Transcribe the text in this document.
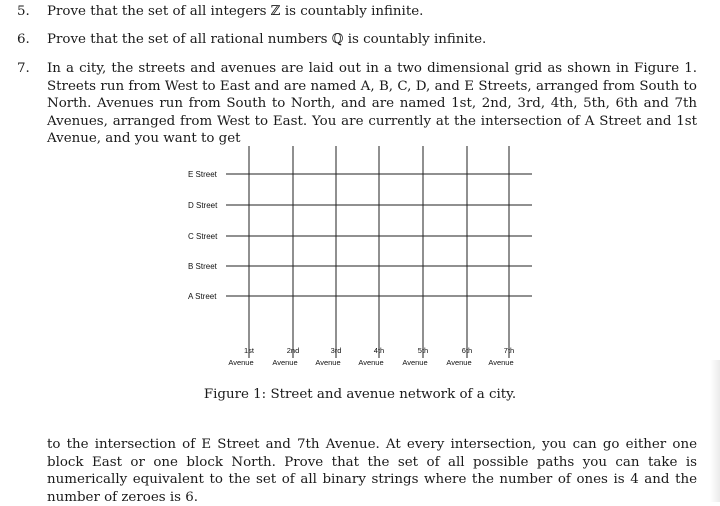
5. Prove that the set of all integers ℤ is countably infinite.
6. Prove that the set of all rational numbers ℚ is countably infinite.
7.	In a city, the streets and avenues are laid out in a two dimensional grid as shown in Figure 1. Streets run from West to East and are named A, B, C, D, and E Streets, arranged from South to North. Avenues run from South to North, and are named 1st, 2nd, 3rd, 4th, 5th, 6th and 7th Avenues, arranged from West to East. You are currently at the intersection of A Street and 1st Avenue, and you want to get

E Street
D Street
C Street
B Street
A Street
1st
Avenue
2nd
Avenue
3rd
Avenue
4th
Avenue
5th
Avenue
6th
Avenue
7th
Avenue
Figure 1: Street and avenue network of a city.

to the intersection of E Street and 7th Avenue. At every intersection, you can go either one block East or one block North. Prove that the set of all possible paths you can take is numerically equivalent to the set of all binary strings where the number of ones is 4 and the number of zeroes is 6.
